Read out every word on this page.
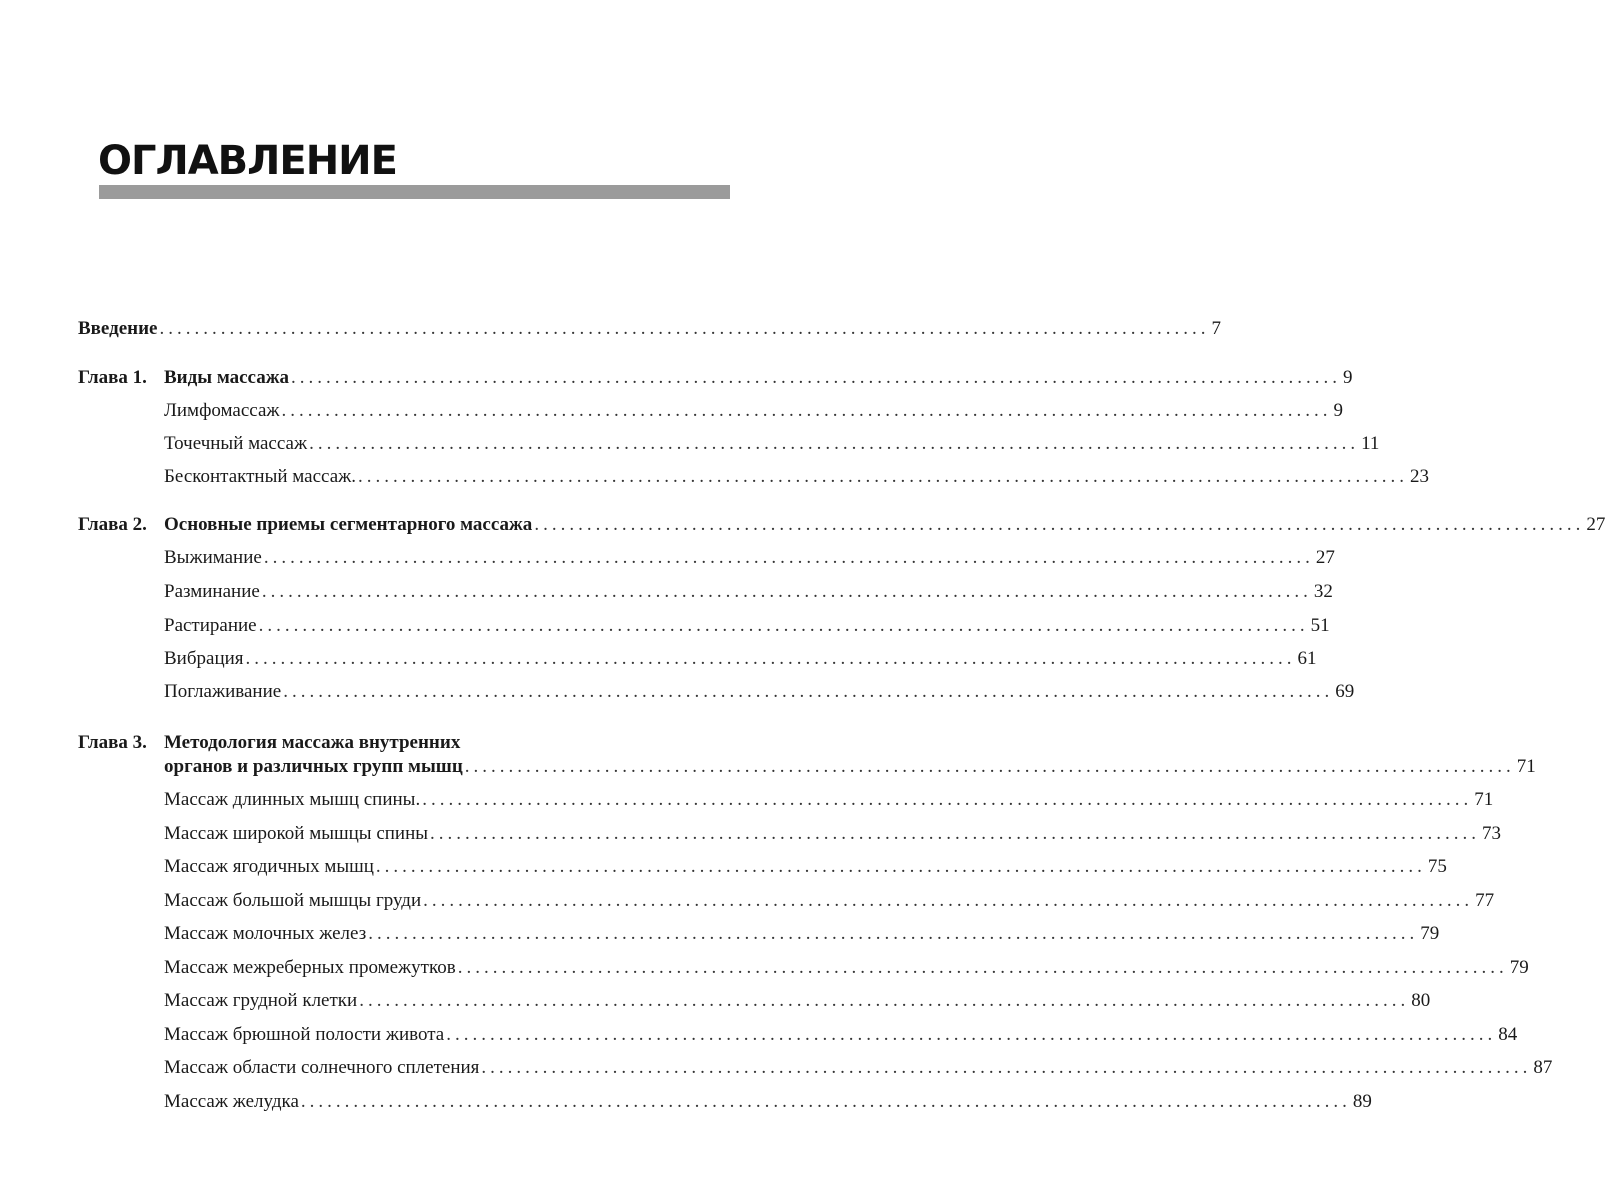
ОГЛАВЛЕНИЕ
Введение ........................................................................................................................ 7
Глава 1. Виды массажа ........................................................................................................................ 9
Лимфомассаж ........................................................................................................................ 9
Точечный массаж ........................................................................................................................ 11
Бесконтактный массаж. ........................................................................................................................ 23
Глава 2. Основные приемы сегментарного массажа ........................................................................................................................ 27
Выжимание ........................................................................................................................ 27
Разминание ........................................................................................................................ 32
Растирание ........................................................................................................................ 51
Вибрация ........................................................................................................................ 61
Поглаживание ........................................................................................................................ 69
Глава 3. Методология массажа внутренних
органов и различных групп мышц ........................................................................................................................ 71
Массаж длинных мышц спины. ........................................................................................................................ 71
Массаж широкой мышцы спины ........................................................................................................................ 73
Массаж ягодичных мышц ........................................................................................................................ 75
Массаж большой мышцы груди ........................................................................................................................ 77
Массаж молочных желез ........................................................................................................................ 79
Массаж межреберных промежутков ........................................................................................................................ 79
Массаж грудной клетки ........................................................................................................................ 80
Массаж брюшной полости живота ........................................................................................................................ 84
Массаж области солнечного сплетения ........................................................................................................................ 87
Массаж желудка ........................................................................................................................ 89
